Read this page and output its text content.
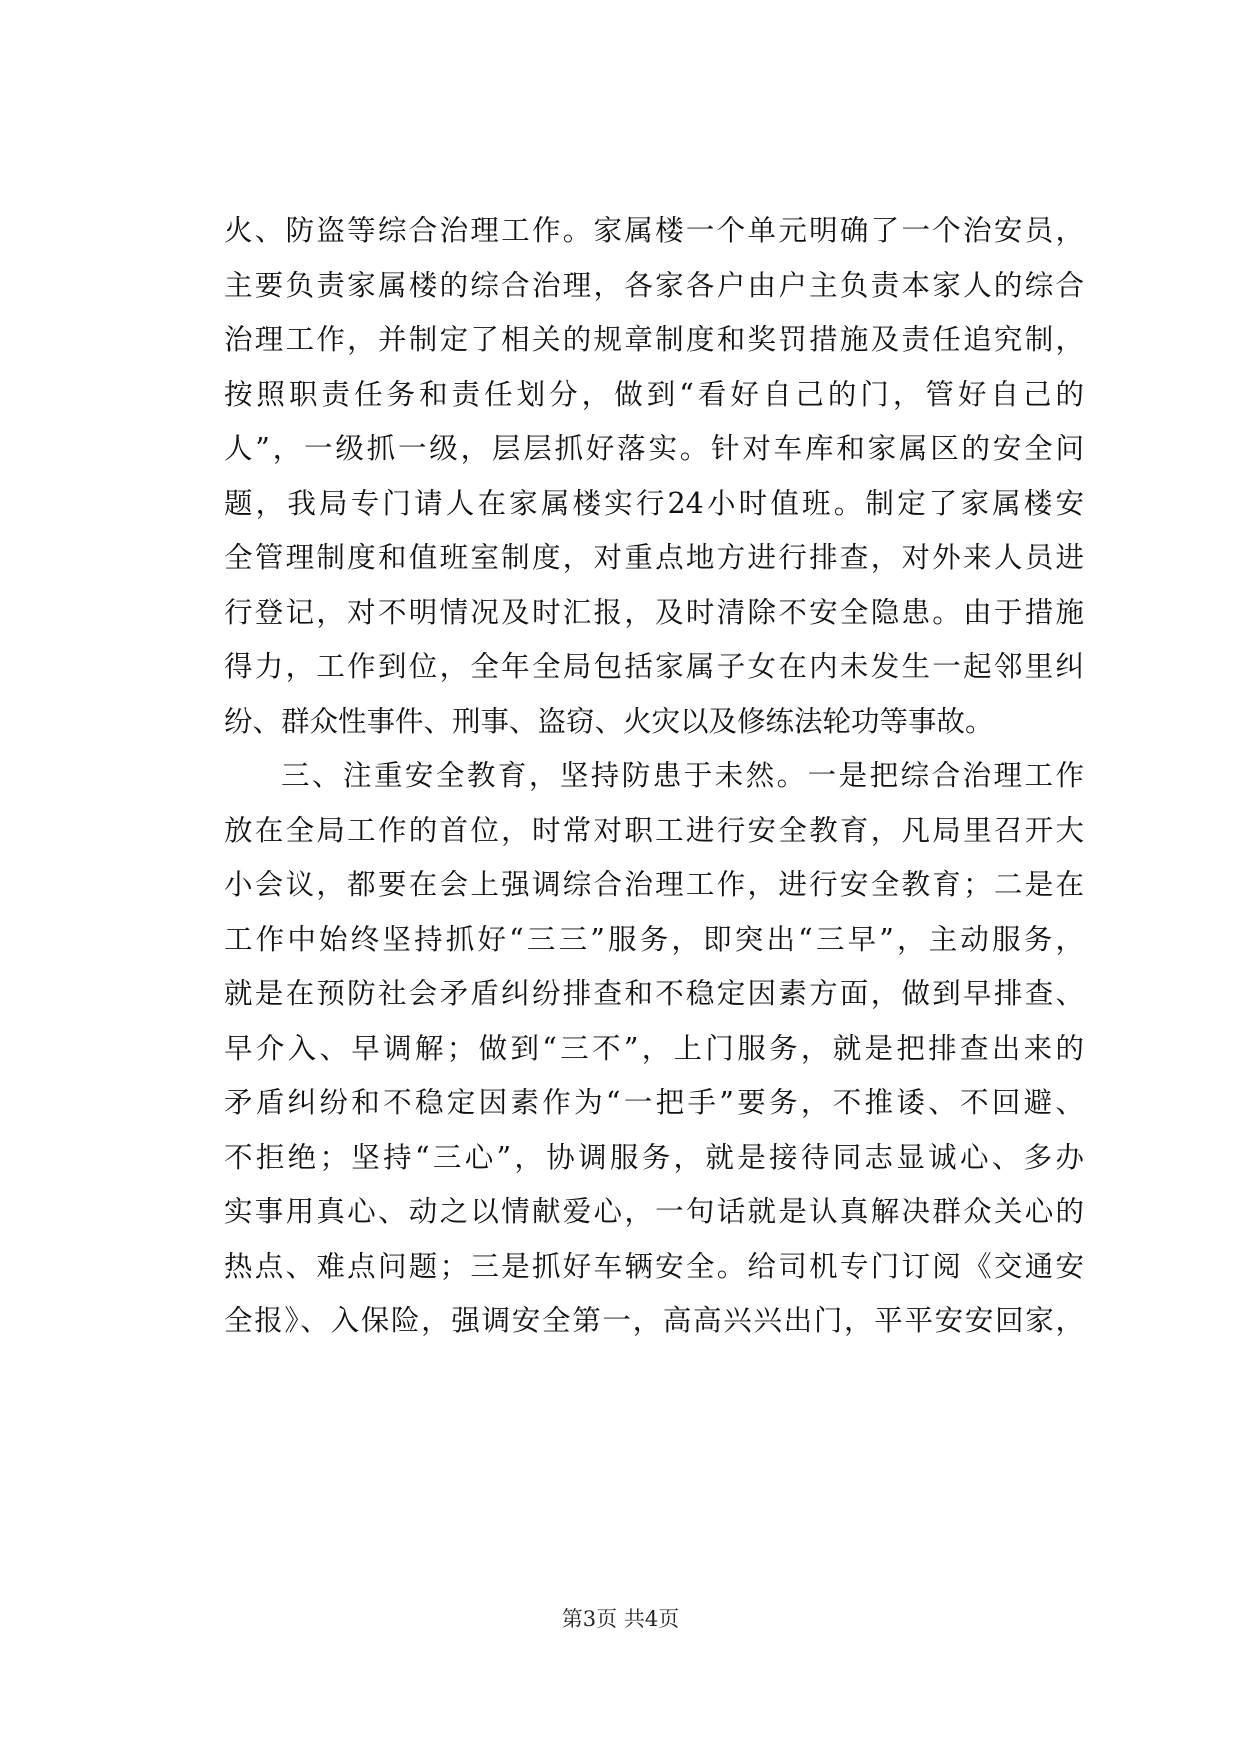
火、防盗等综合治理工作。家属楼一个单元明确了一个治安员，
主要负责家属楼的综合治理，各家各户由户主负责本家人的综合
治理工作，并制定了相关的规章制度和奖罚措施及责任追究制，
按照职责任务和责任划分，做到“看好自己的门，管好自己的
人”，一级抓一级，层层抓好落实。针对车库和家属区的安全问
题，我局专门请人在家属楼实行24小时值班。制定了家属楼安
全管理制度和值班室制度，对重点地方进行排查，对外来人员进
行登记，对不明情况及时汇报，及时清除不安全隐患。由于措施
得力，工作到位，全年全局包括家属子女在内未发生一起邻里纠
纷、群众性事件、刑事、盗窃、火灾以及修练法轮功等事故。
三、注重安全教育，坚持防患于未然。一是把综合治理工作
放在全局工作的首位，时常对职工进行安全教育，凡局里召开大
小会议，都要在会上强调综合治理工作，进行安全教育；二是在
工作中始终坚持抓好“三三”服务，即突出“三早”，主动服务，
就是在预防社会矛盾纠纷排查和不稳定因素方面，做到早排查、
早介入、早调解；做到“三不”，上门服务，就是把排查出来的
矛盾纠纷和不稳定因素作为“一把手”要务，不推诿、不回避、
不拒绝；坚持“三心”，协调服务，就是接待同志显诚心、多办
实事用真心、动之以情献爱心，一句话就是认真解决群众关心的
热点、难点问题；三是抓好车辆安全。给司机专门订阅《交通安
全报》、入保险，强调安全第一，高高兴兴出门，平平安安回家，
第3页 共4页
